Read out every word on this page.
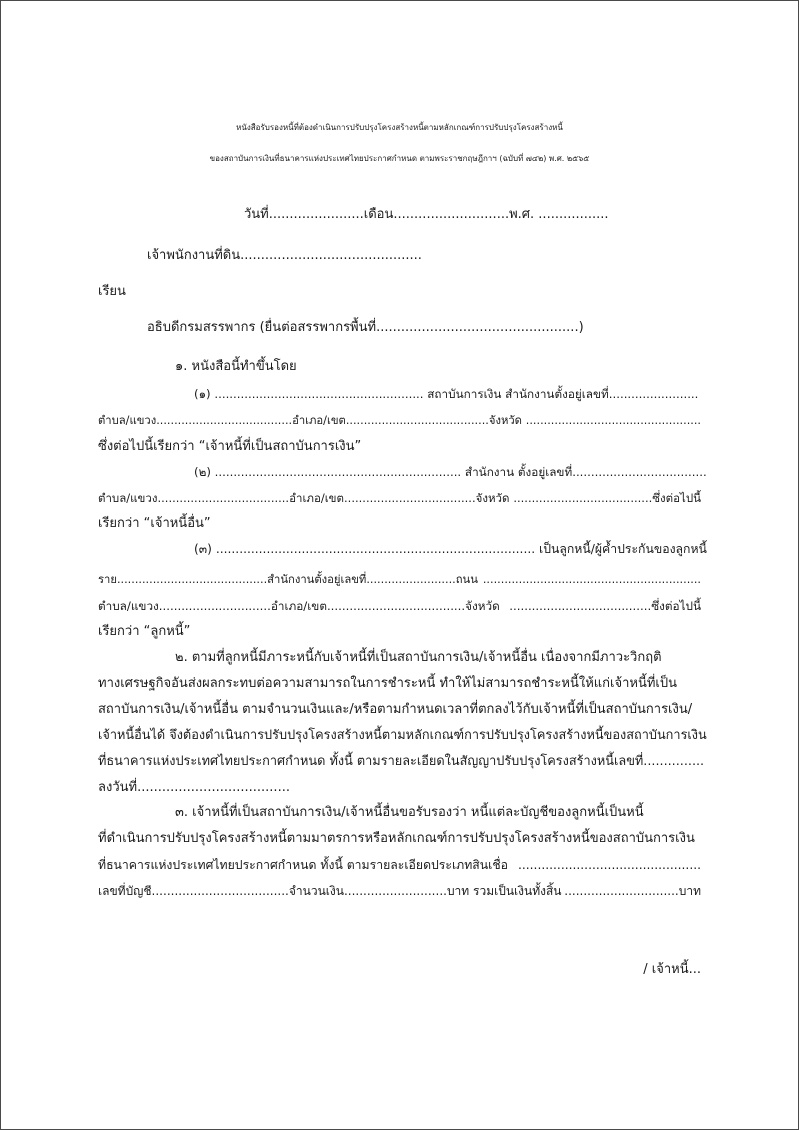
หนังสือรับรองหนี้ที่ต้องดำเนินการปรับปรุงโครงสร้างหนี้ตามหลักเกณฑ์การปรับปรุงโครงสร้างหนี้
ของสถาบันการเงินที่ธนาคารแห่งประเทศไทยประกาศกำหนด ตามพระราชกฤษฎีกาฯ (ฉบับที่ ๗๔๒) พ.ศ. ๒๕๖๕
วันที่.......................เดือน............................พ.ศ. .................
เจ้าพนักงานที่ดิน............................................
เรียน
อธิบดีกรมสรรพากร (ยื่นต่อสรรพากรพื้นที่.................................................)
๑. หนังสือนี้ทำขึ้นโดย
(๑) ........................................................ สถาบันการเงิน สำนักงานตั้งอยู่เลขที่........................
ตำบล/แขวง......................................อำเภอ/เขต........................................จังหวัด .................................................
ซึ่งต่อไปนี้เรียกว่า “เจ้าหนี้ที่เป็นสถาบันการเงิน”
(๒) .................................................................. สำนักงาน ตั้งอยู่เลขที่....................................
ตำบล/แขวง....................................อำเภอ/เขต....................................จังหวัด ......................................ซึ่งต่อไปนี้
เรียกว่า “เจ้าหนี้อื่น”
(๓) .................................................................................. เป็นลูกหนี้/ผู้ค้ำประกันของลูกหนี้
ราย..........................................สำนักงานตั้งอยู่เลขที่.........................ถนน .............................................................
ตำบล/แขวง..............................อำเภอ/เขต.....................................จังหวัด ......................................ซึ่งต่อไปนี้
เรียกว่า “ลูกหนี้”
๒. ตามที่ลูกหนี้มีภาระหนี้กับเจ้าหนี้ที่เป็นสถาบันการเงิน/เจ้าหนี้อื่น เนื่องจากมีภาวะวิกฤติ
ทางเศรษฐกิจอันส่งผลกระทบต่อความสามารถในการชำระหนี้ ทำให้ไม่สามารถชำระหนี้ให้แก่เจ้าหนี้ที่เป็น
สถาบันการเงิน/เจ้าหนี้อื่น ตามจำนวนเงินและ/หรือตามกำหนดเวลาที่ตกลงไว้กับเจ้าหนี้ที่เป็นสถาบันการเงิน/
เจ้าหนี้อื่นได้ จึงต้องดำเนินการปรับปรุงโครงสร้างหนี้ตามหลักเกณฑ์การปรับปรุงโครงสร้างหนี้ของสถาบันการเงิน
ที่ธนาคารแห่งประเทศไทยประกาศกำหนด ทั้งนี้ ตามรายละเอียดในสัญญาปรับปรุงโครงสร้างหนี้เลขที่...............
ลงวันที่.....................................
๓. เจ้าหนี้ที่เป็นสถาบันการเงิน/เจ้าหนี้อื่นขอรับรองว่า หนี้แต่ละบัญชีของลูกหนี้เป็นหนี้
ที่ดำเนินการปรับปรุงโครงสร้างหนี้ตามมาตรการหรือหลักเกณฑ์การปรับปรุงโครงสร้างหนี้ของสถาบันการเงิน
ที่ธนาคารแห่งประเทศไทยประกาศกำหนด ทั้งนี้ ตามรายละเอียดประเภทสินเชื่อ ...............................................
เลขที่บัญชี....................................จำนวนเงิน...........................บาท รวมเป็นเงินทั้งสิ้น ..............................บาท
/ เจ้าหนี้...
